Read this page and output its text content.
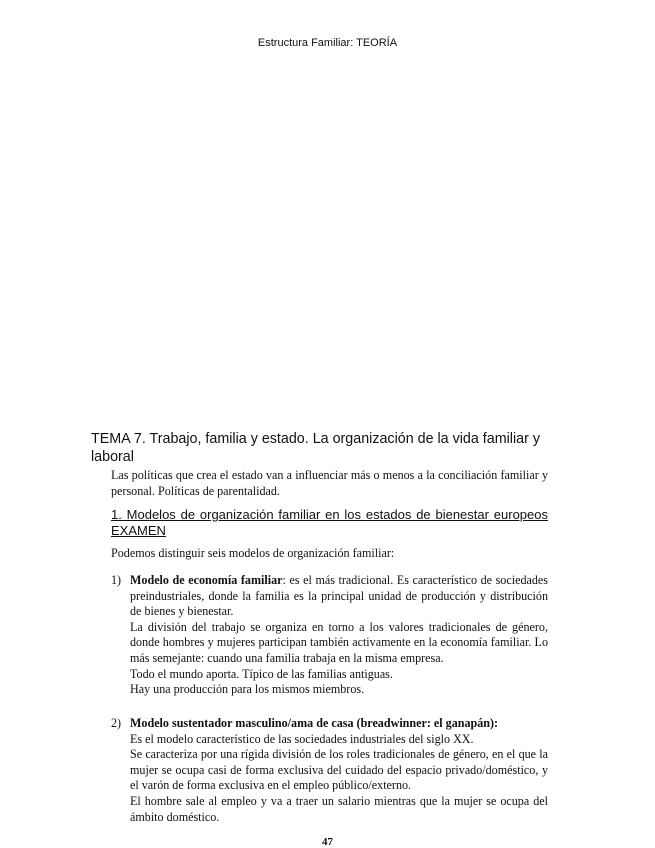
Estructura Familiar: TEORÍA
TEMA 7. Trabajo, familia y estado. La organización de la vida familiar y laboral
Las políticas que crea el estado van a influenciar más o menos a la conciliación familiar y personal. Políticas de parentalidad.
1. Modelos de organización familiar en los estados de bienestar europeos EXAMEN
Podemos distinguir seis modelos de organización familiar:
1) Modelo de economía familiar: es el más tradicional. Es característico de sociedades preindustriales, donde la familia es la principal unidad de producción y distribución de bienes y bienestar.
La división del trabajo se organiza en torno a los valores tradicionales de género, donde hombres y mujeres participan también activamente en la economía familiar. Lo más semejante: cuando una familia trabaja en la misma empresa.
Todo el mundo aporta. Típico de las familias antiguas.
Hay una producción para los mismos miembros.
2) Modelo sustentador masculino/ama de casa (breadwinner: el ganapán):
Es el modelo característico de las sociedades industriales del siglo XX.
Se caracteriza por una rígida división de los roles tradicionales de género, en el que la mujer se ocupa casi de forma exclusiva del cuidado del espacio privado/doméstico, y el varón de forma exclusiva en el empleo público/externo.
El hombre sale al empleo y va a traer un salario mientras que la mujer se ocupa del ámbito doméstico.
47
